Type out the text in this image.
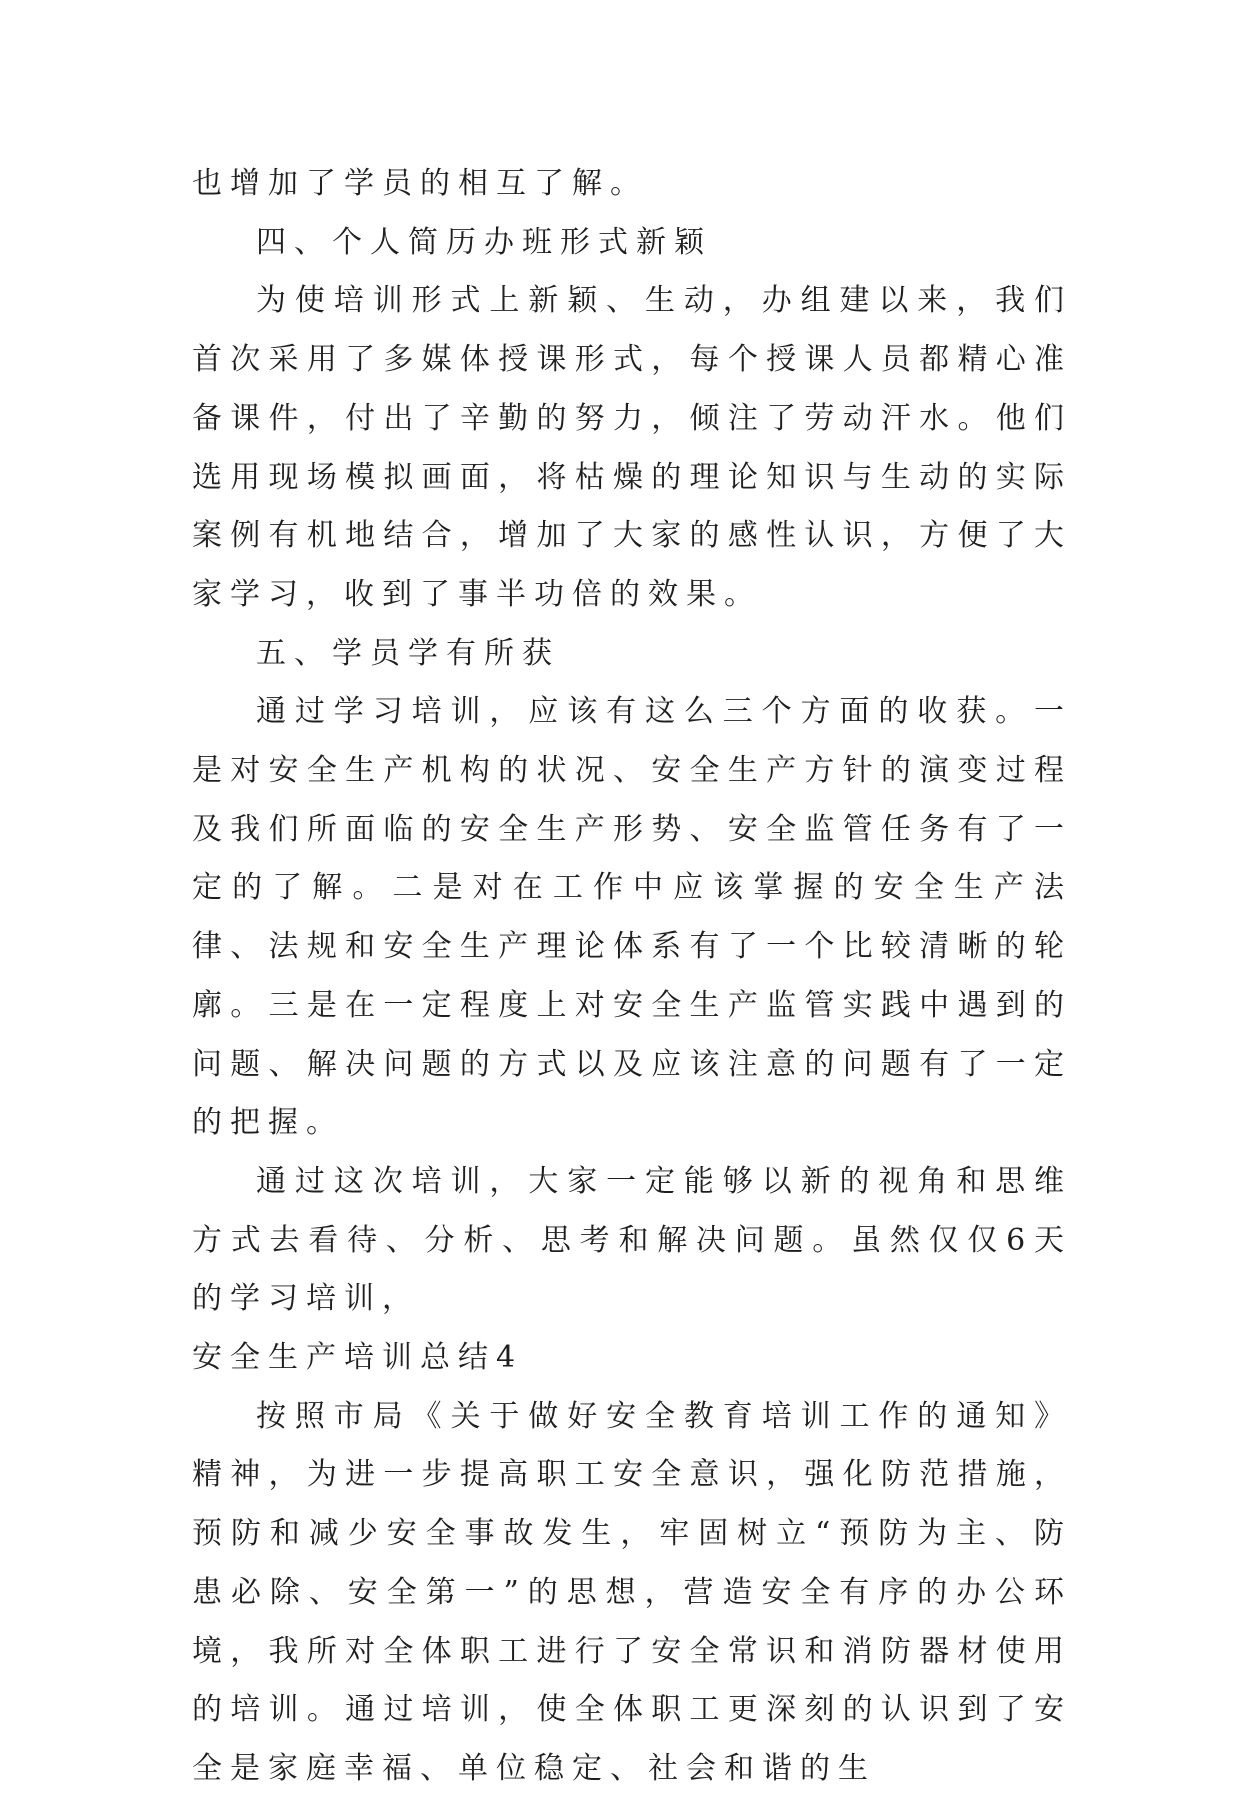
也增加了学员的相互了解。

四、个人简历办班形式新颖

为使培训形式上新颖、生动，办组建以来，我们首次采用了多媒体授课形式，每个授课人员都精心准备课件，付出了辛勤的努力，倾注了劳动汗水。他们选用现场模拟画面，将枯燥的理论知识与生动的实际案例有机地结合，增加了大家的感性认识，方便了大家学习，收到了事半功倍的效果。

五、学员学有所获

通过学习培训，应该有这么三个方面的收获。一是对安全生产机构的状况、安全生产方针的演变过程及我们所面临的安全生产形势、安全监管任务有了一定的了解。二是对在工作中应该掌握的安全生产法律、法规和安全生产理论体系有了一个比较清晰的轮廓。三是在一定程度上对安全生产监管实践中遇到的问题、解决问题的方式以及应该注意的问题有了一定的把握。

通过这次培训，大家一定能够以新的视角和思维方式去看待、分析、思考和解决问题。虽然仅仅6天的学习培训，

安全生产培训总结4

按照市局《关于做好安全教育培训工作的通知》精神，为进一步提高职工安全意识，强化防范措施，预防和减少安全事故发生，牢固树立“预防为主、防患必除、安全第一”的思想，营造安全有序的办公环境，我所对全体职工进行了安全常识和消防器材使用的培训。通过培训，使全体职工更深刻的认识到了安全是家庭幸福、单位稳定、社会和谐的生
